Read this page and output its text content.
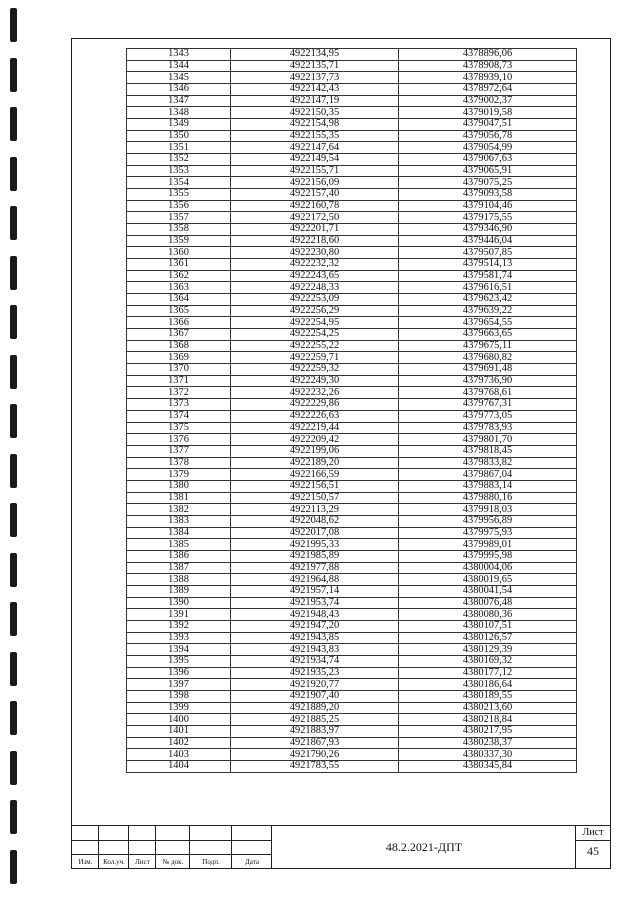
1343	4922134,95	4378896,06
1344	4922135,71	4378908,73
1345	4922137,73	4378939,10
1346	4922142,43	4378972,64
1347	4922147,19	4379002,37
1348	4922150,35	4379019,58
1349	4922154,98	4379047,51
1350	4922155,35	4379056,78
1351	4922147,64	4379054,99
1352	4922149,54	4379067,63
1353	4922155,71	4379065,91
1354	4922156,09	4379075,25
1355	4922157,40	4379093,58
1356	4922160,78	4379104,46
1357	4922172,50	4379175,55
1358	4922201,71	4379346,90
1359	4922218,60	4379446,04
1360	4922230,80	4379507,85
1361	4922232,32	4379514,13
1362	4922243,65	4379581,74
1363	4922248,33	4379616,51
1364	4922253,09	4379623,42
1365	4922256,29	4379639,22
1366	4922254,95	4379654,55
1367	4922254,25	4379663,65
1368	4922255,22	4379675,11
1369	4922259,71	4379680,82
1370	4922259,32	4379691,48
1371	4922249,30	4379736,90
1372	4922232,26	4379768,61
1373	4922229,86	4379767,31
1374	4922226,63	4379773,05
1375	4922219,44	4379783,93
1376	4922209,42	4379801,70
1377	4922199,06	4379818,45
1378	4922189,20	4379833,82
1379	4922166,59	4379867,04
1380	4922156,51	4379883,14
1381	4922150,57	4379880,16
1382	4922113,29	4379918,03
1383	4922048,62	4379956,89
1384	4922017,08	4379975,93
1385	4921995,33	4379989,01
1386	4921985,89	4379995,98
1387	4921977,88	4380004,06
1388	4921964,88	4380019,65
1389	4921957,14	4380041,54
1390	4921953,74	4380076,48
1391	4921948,43	4380080,36
1392	4921947,20	4380107,51
1393	4921943,85	4380126,57
1394	4921943,83	4380129,39
1395	4921934,74	4380169,32
1396	4921935,23	4380177,12
1397	4921920,77	4380186,64
1398	4921907,40	4380189,55
1399	4921889,20	4380213,60
1400	4921885,25	4380218,84
1401	4921883,97	4380217,95
1402	4921867,93	4380238,37
1403	4921790,26	4380337,30
1404	4921783,55	4380345,84
Изм.	Кол.уч.	Лист	№ док.	Подп.	Дата
48.2.2021-ДПТ
Лист
45
